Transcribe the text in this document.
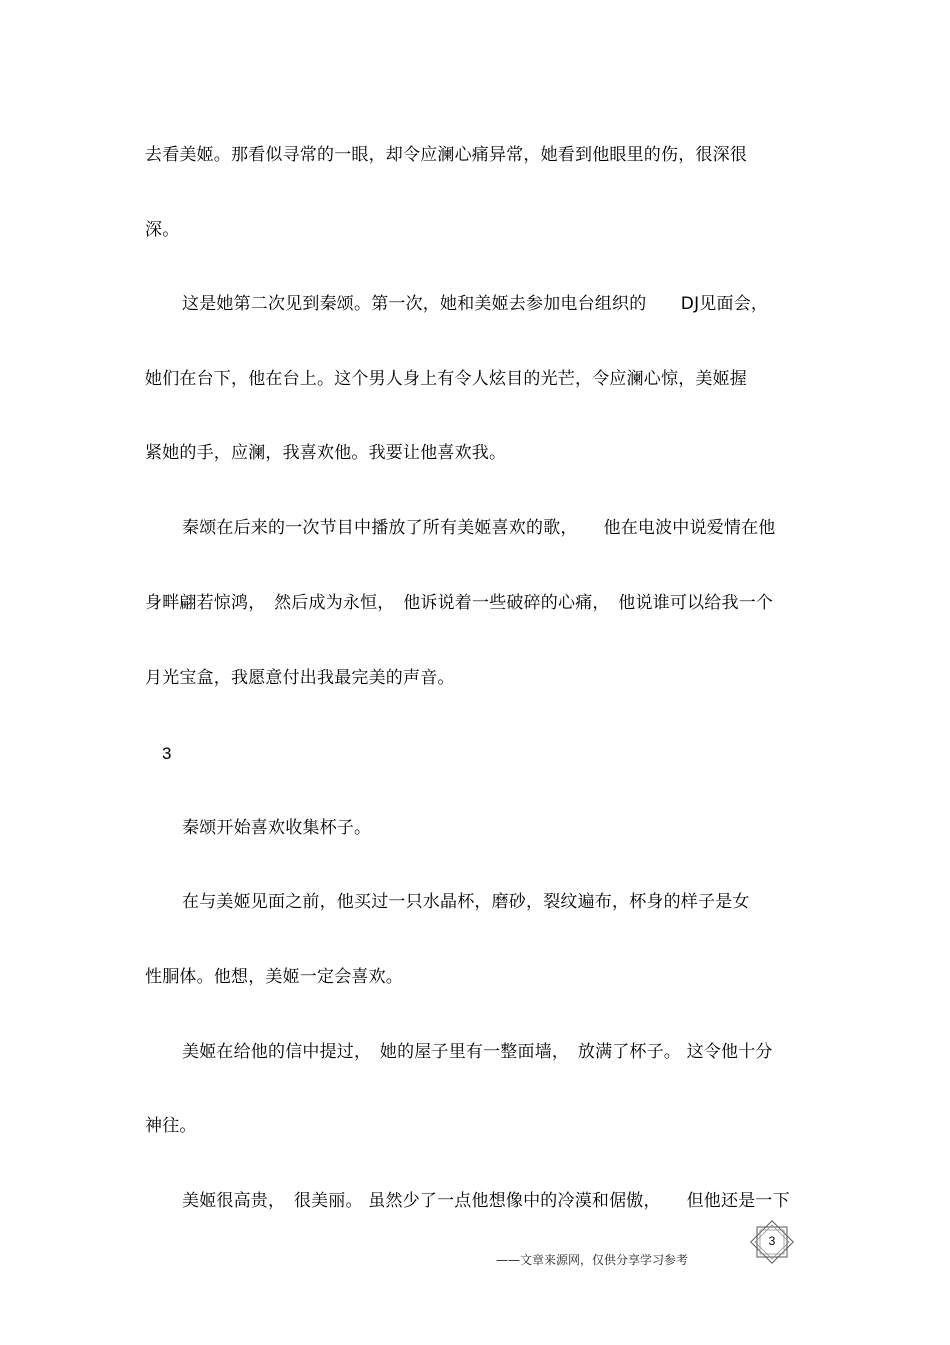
去看美姬。那看似寻常的一眼，却令应澜心痛异常，她看到他眼里的伤，很深很

深。

这是她第二次见到秦颂。第一次，她和美姬去参加电台组织的　　DJ见面会，

她们在台下，他在台上。这个男人身上有令人炫目的光芒，令应澜心惊，美姬握

紧她的手，应澜，我喜欢他。我要让他喜欢我。

秦颂在后来的一次节目中播放了所有美姬喜欢的歌，　　他在电波中说爱情在他

身畔翩若惊鸿，　然后成为永恒，　他诉说着一些破碎的心痛，　他说谁可以给我一个

月光宝盒，我愿意付出我最完美的声音。

3

秦颂开始喜欢收集杯子。

在与美姬见面之前，他买过一只水晶杯，磨砂，裂纹遍布，杯身的样子是女

性胴体。他想，美姬一定会喜欢。

美姬在给他的信中提过，　她的屋子里有一整面墙，　放满了杯子。 这令他十分

神往。

美姬很高贵，　很美丽。 虽然少了一点他想像中的冷漠和倨傲，　　但他还是一下

——文章来源网，仅供分享学习参考
3
